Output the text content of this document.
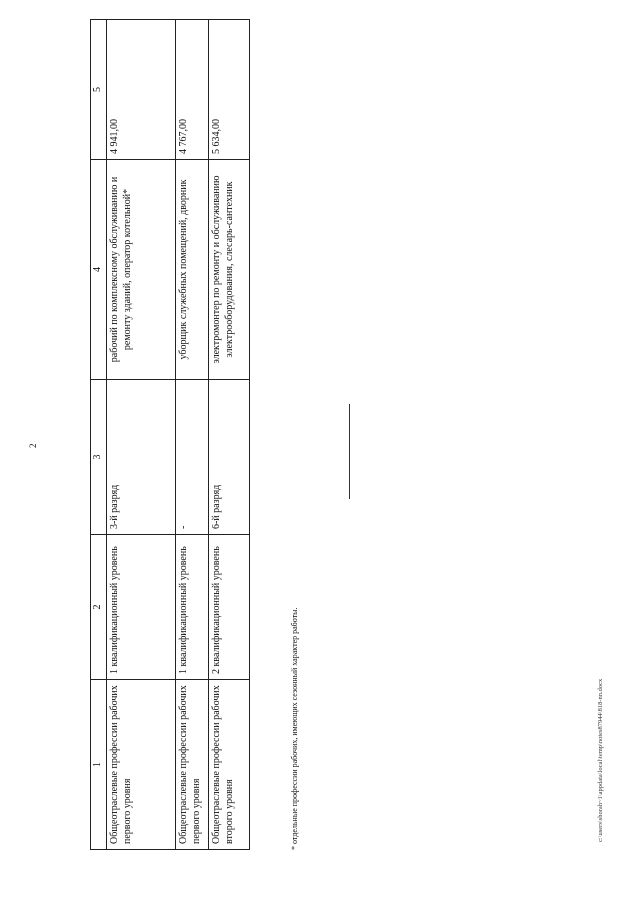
2
1	2	3	4	5
Общеотраслевые профессии рабочих первого уровня	1 квалификационный уровень	3-й разряд	рабочий по комплексному обслуживанию и ремонту зданий, оператор котельной*	4 941,00
Общеотраслевые профессии рабочих первого уровня	1 квалификационный уровень	-	уборщик служебных помещений, дворник	4 767,00
Общеотраслевые профессии рабочих второго уровня	2 квалификационный уровень	6-й разряд	электромонтер по ремонту и обслуживанию электрооборудования, слесарь-сантехник	5 634,00
* отдельные профессии рабочих, имеющих сезонный характер работы.	c:\users\shorah~1\appdata\local\temp\notes87944\818-nn.docx
